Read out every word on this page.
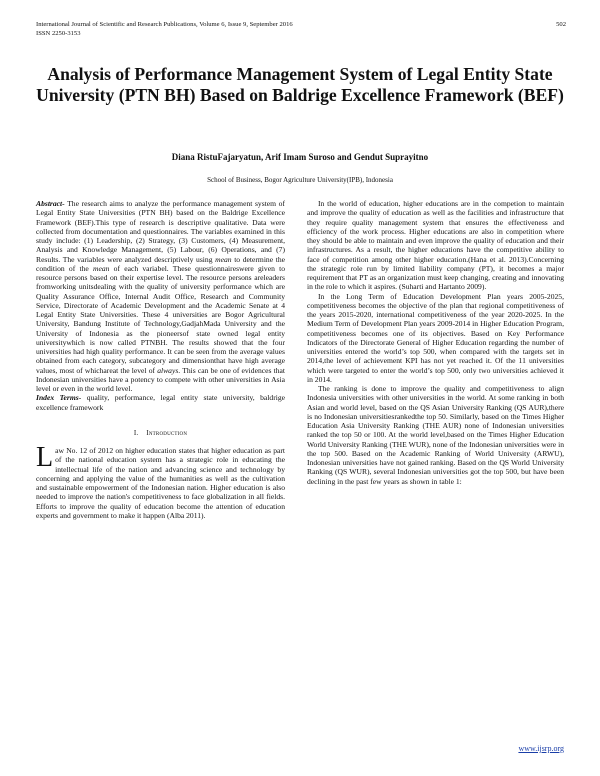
International Journal of Scientific and Research Publications, Volume 6, Issue 9, September 2016
ISSN 2250-3153
502
Analysis of Performance Management System of Legal Entity State University (PTN BH) Based on Baldrige Excellence Framework (BEF)
Diana RistuFajaryatun, Arif Imam Suroso and Gendut Suprayitno
School of Business, Bogor Agriculture University(IPB), Indonesia

Abstract- The research aims to analyze the performance management system of Legal Entity State Universities (PTN BH) based on the Baldrige Excellence Framework (BEF).This type of research is descriptive qualitative. Data were collected from documentation and questionnaires. The variables examined in this study include: (1) Leadership, (2) Strategy, (3) Customers, (4) Measurement, Analysis and Knowledge Management, (5) Labour, (6) Operations, and (7) Results. The variables were analyzed descriptively using mean to determine the condition of the mean of each variabel. These questionnaireswere given to resource persons based on their expertise level. The resource persons areleaders fromworking unitsdealing with the quality of university performance which are Quality Assurance Office, Internal Audit Office, Research and Community Service, Directorate of Academic Development and the Academic Senate at 4 Legal Entity State Universities. These 4 universities are Bogor Agricultural University, Bandung Institute of Technology,GadjahMada University and the University of Indonesia as the pioneersof state owned legal entity universitywhich is now called PTNBH. The results showed that the four universities had high quality performance. It can be seen from the average values obtained from each category, subcategory and dimensionthat have high average values, most of whichareat the level of always. This can be one of evidences that Indonesian universities have a potency to compete with other universities in Asia level or even in the world level.

Index Terms- quality, performance, legal entity state university, baldrige excellence framework

I. Introduction

Law No. 12 of 2012 on higher education states that higher education as part of the national education system has a strategic role in educating the intellectual life of the nation and advancing science and technology by concerning and applying the value of the humanities as well as the cultivation and sustainable empowerment of the Indonesian nation. Higher education is also needed to improve the nation's competitiveness to face globalization in all fields. Efforts to improve the quality of education become the attention of education experts and government to make it happen (Alba 2011).

In the world of education, higher educations are in the competion to maintain and improve the quality of education as well as the facilities and infrastructure that they require quality management system that ensures the effectiveness and efficiency of the work process. Higher educations are also in competition where they should be able to maintain and even improve the quality of education and their infrastructures. As a result, the higher educations have the competitive ability to face of competition among other higher education.(Hana et al. 2013).Concerning the strategic role run by limited liability company (PT), it becomes a major requirement that PT as an organization must keep changing, creating and innovating in the role to which it aspires. (Suharti and Hartanto 2009).

In the Long Term of Education Development Plan years 2005-2025, competitiveness becomes the objective of the plan that regional competitiveness of the years 2015-2020, international competitiveness of the year 2020-2025. In the Medium Term of Development Plan years 2009-2014 in Higher Education Program, competitiveness becomes one of its objectives. Based on Key Performance Indicators of the Directorate General of Higher Education regarding the number of universities entered the world’s top 500, when compared with the targets set in 2014,the level of achievement KPI has not yet reached it. Of the 11 universities which were targeted to enter the world’s top 500, only two universities achieved it in 2014.

The ranking is done to improve the quality and competitiveness to align Indonesia universities with other universities in the world. At some ranking in both Asian and world level, based on the QS Asian University Ranking (QS AUR),there is no Indonesian universitiesrankedthe top 50. Similarly, based on the Times Higher Education Asia University Ranking (THE AUR) none of Indonesian universities ranked the top 50 or 100. At the world level,based on the Times Higher Education World University Ranking (THE WUR), none of the Indonesian universities were in the top 500. Based on the Academic Ranking of World University (ARWU), Indonesian universities have not gained ranking. Based on the QS World University Ranking (QS WUR), several Indonesian universities got the top 500, but have been declining in the past few years as shown in table 1:

www.ijsrp.org
